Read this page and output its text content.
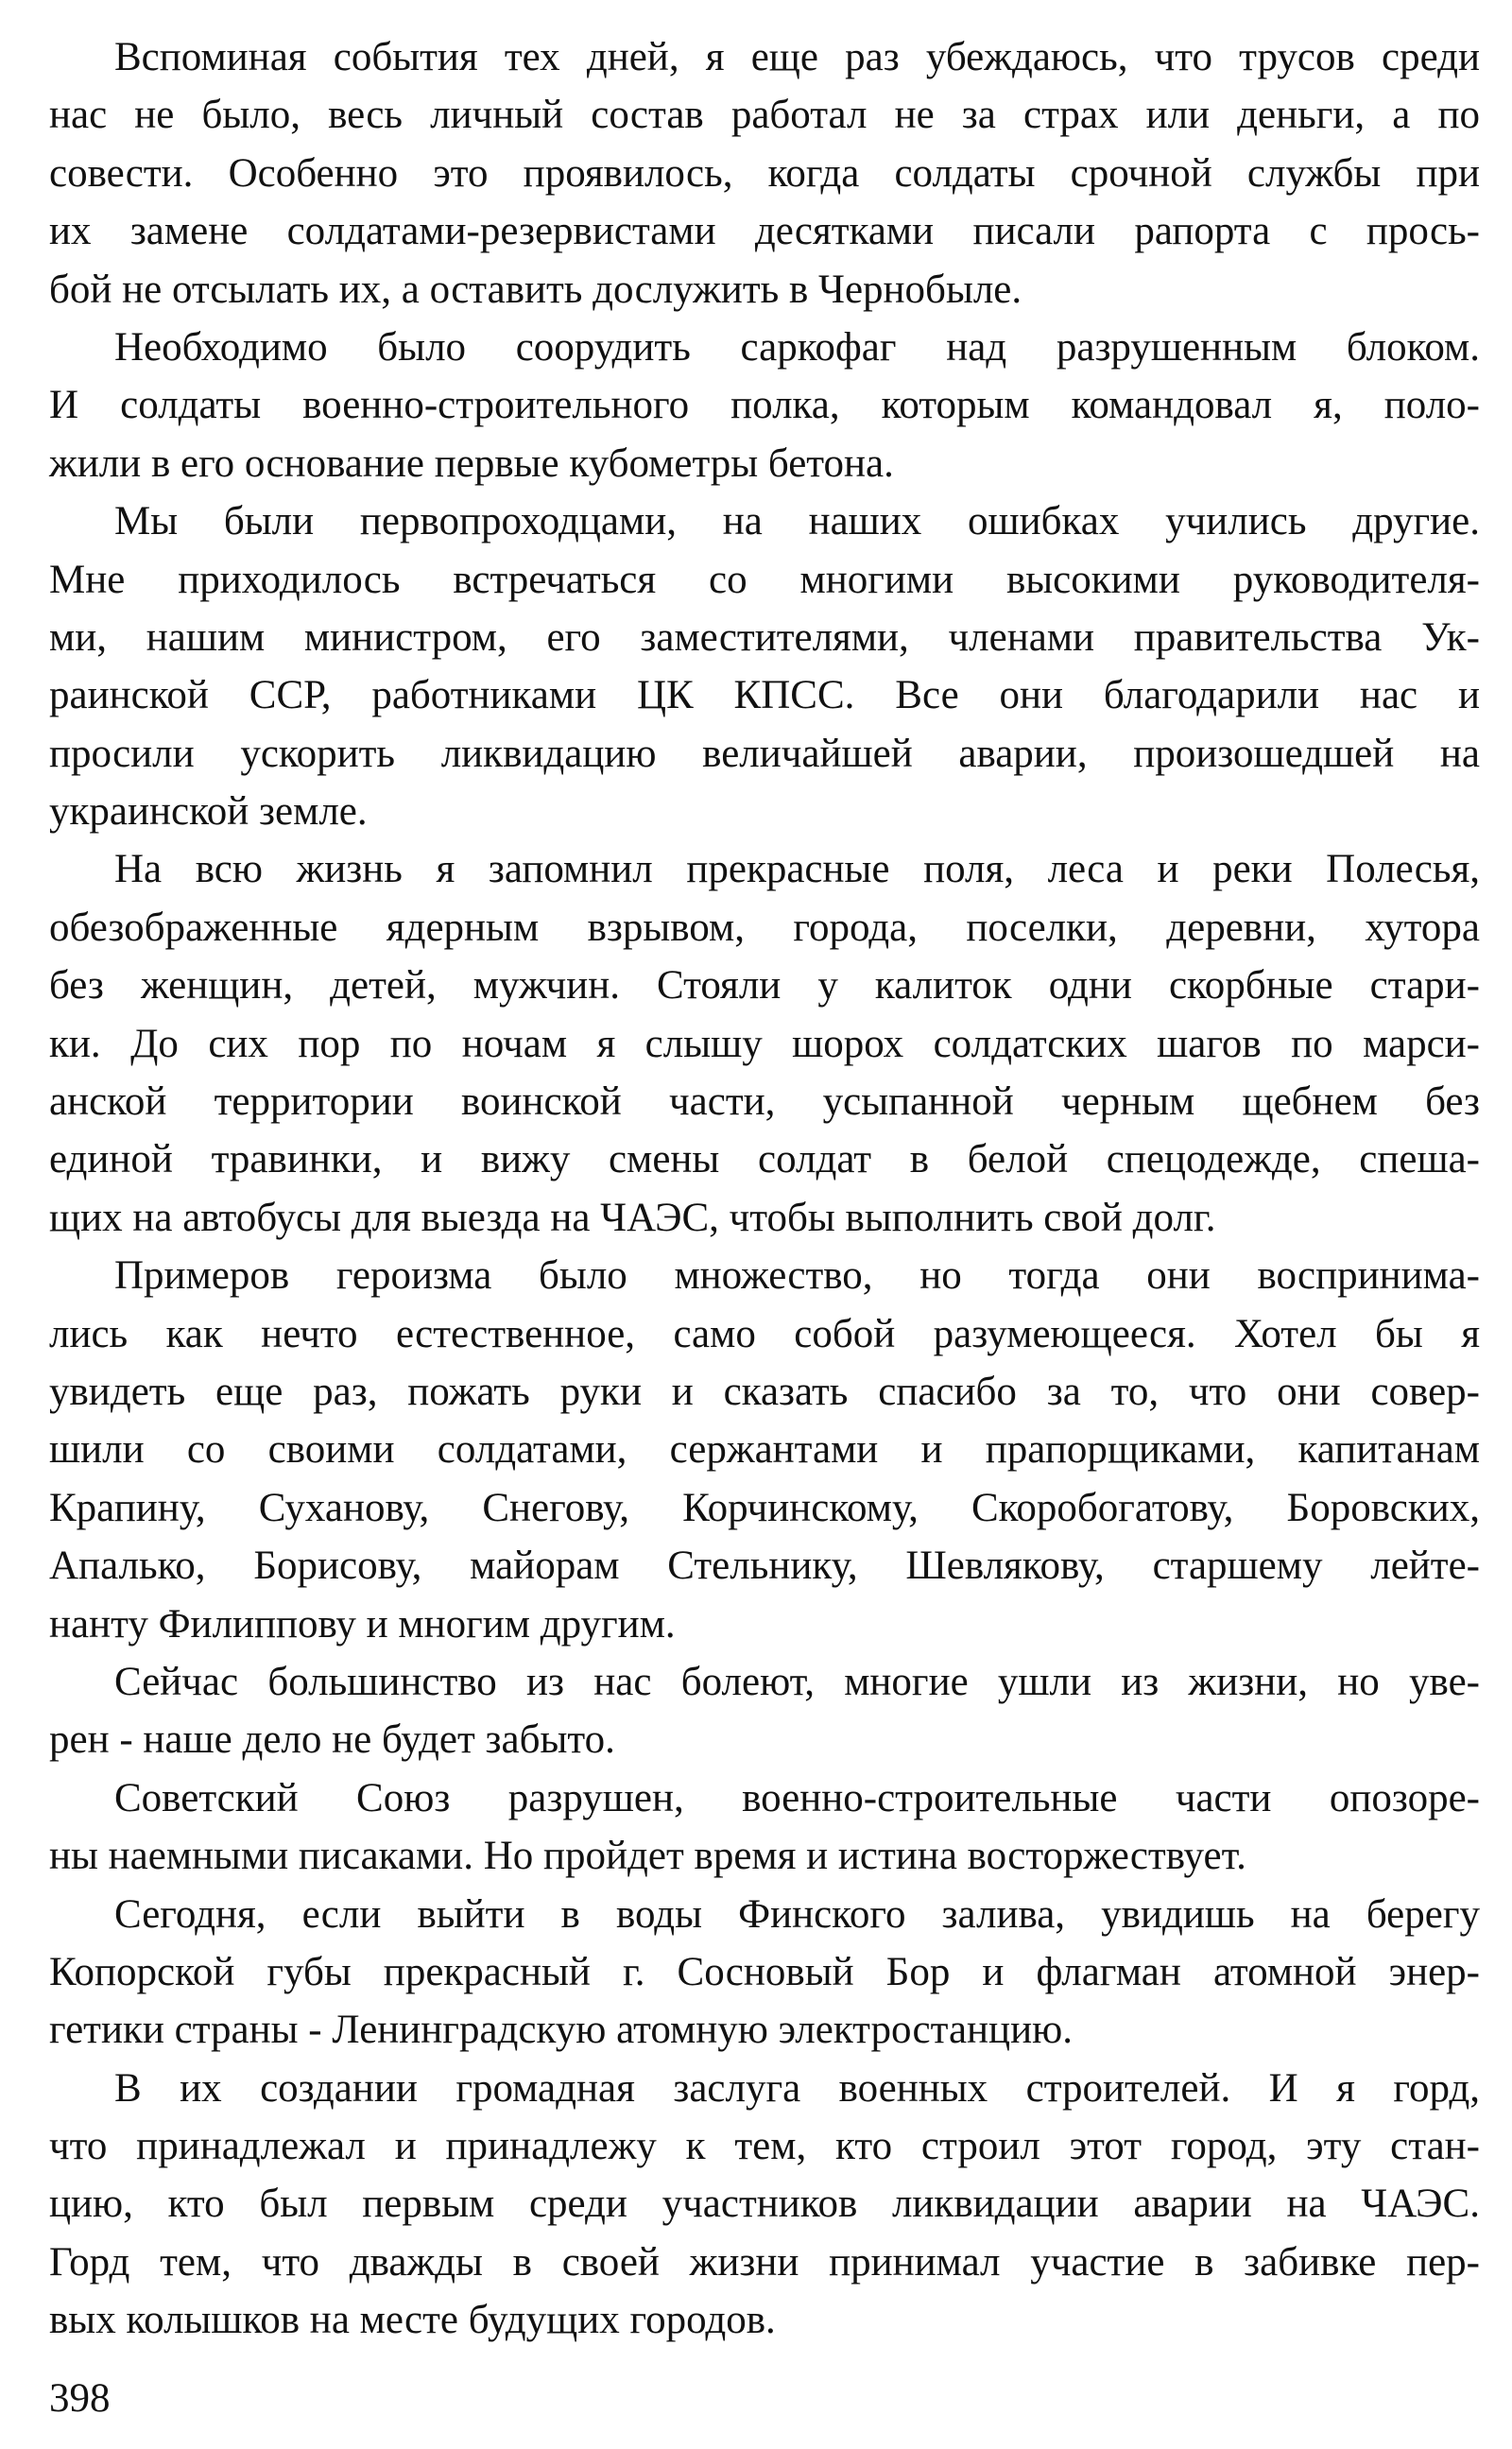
Вспоминая события тех дней, я еще раз убеждаюсь, что трусов среди
нас не было, весь личный состав работал не за страх или деньги, а по
совести. Особенно это проявилось, когда солдаты срочной службы при
их замене солдатами-резервистами десятками писали рапорта с прось-
бой не отсылать их, а оставить дослужить в Чернобыле.
Необходимо было соорудить саркофаг над разрушенным блоком.
И солдаты военно-строительного полка, которым командовал я, поло-
жили в его основание первые кубометры бетона.
Мы были первопроходцами, на наших ошибках учились другие.
Мне приходилось встречаться со многими высокими руководителя-
ми, нашим министром, его заместителями, членами правительства Ук-
раинской ССР, работниками ЦК КПСС. Все они благодарили нас и
просили ускорить ликвидацию величайшей аварии, произошедшей на
украинской земле.
На всю жизнь я запомнил прекрасные поля, леса и реки Полесья,
обезображенные ядерным взрывом, города, поселки, деревни, хутора
без женщин, детей, мужчин. Стояли у калиток одни скорбные стари-
ки. До сих пор по ночам я слышу шорох солдатских шагов по марси-
анской территории воинской части, усыпанной черным щебнем без
единой травинки, и вижу смены солдат в белой спецодежде, спеша-
щих на автобусы для выезда на ЧАЭС, чтобы выполнить свой долг.
Примеров героизма было множество, но тогда они воспринима-
лись как нечто естественное, само собой разумеющееся. Хотел бы я
увидеть еще раз, пожать руки и сказать спасибо за то, что они совер-
шили со своими солдатами, сержантами и прапорщиками, капитанам
Крапину, Суханову, Снегову, Корчинскому, Скоробогатову, Боровских,
Апалько, Борисову, майорам Стельнику, Шевлякову, старшему лейте-
нанту Филиппову и многим другим.
Сейчас большинство из нас болеют, многие ушли из жизни, но уве-
рен - наше дело не будет забыто.
Советский Союз разрушен, военно-строительные части опозоре-
ны наемными писаками. Но пройдет время и истина восторжествует.
Сегодня, если выйти в воды Финского залива, увидишь на берегу
Копорской губы прекрасный г. Сосновый Бор и флагман атомной энер-
гетики страны - Ленинградскую атомную электростанцию.
В их создании громадная заслуга военных строителей. И я горд,
что принадлежал и принадлежу к тем, кто строил этот город, эту стан-
цию, кто был первым среди участников ликвидации аварии на ЧАЭС.
Горд тем, что дважды в своей жизни принимал участие в забивке пер-
вых колышков на месте будущих городов.
398
